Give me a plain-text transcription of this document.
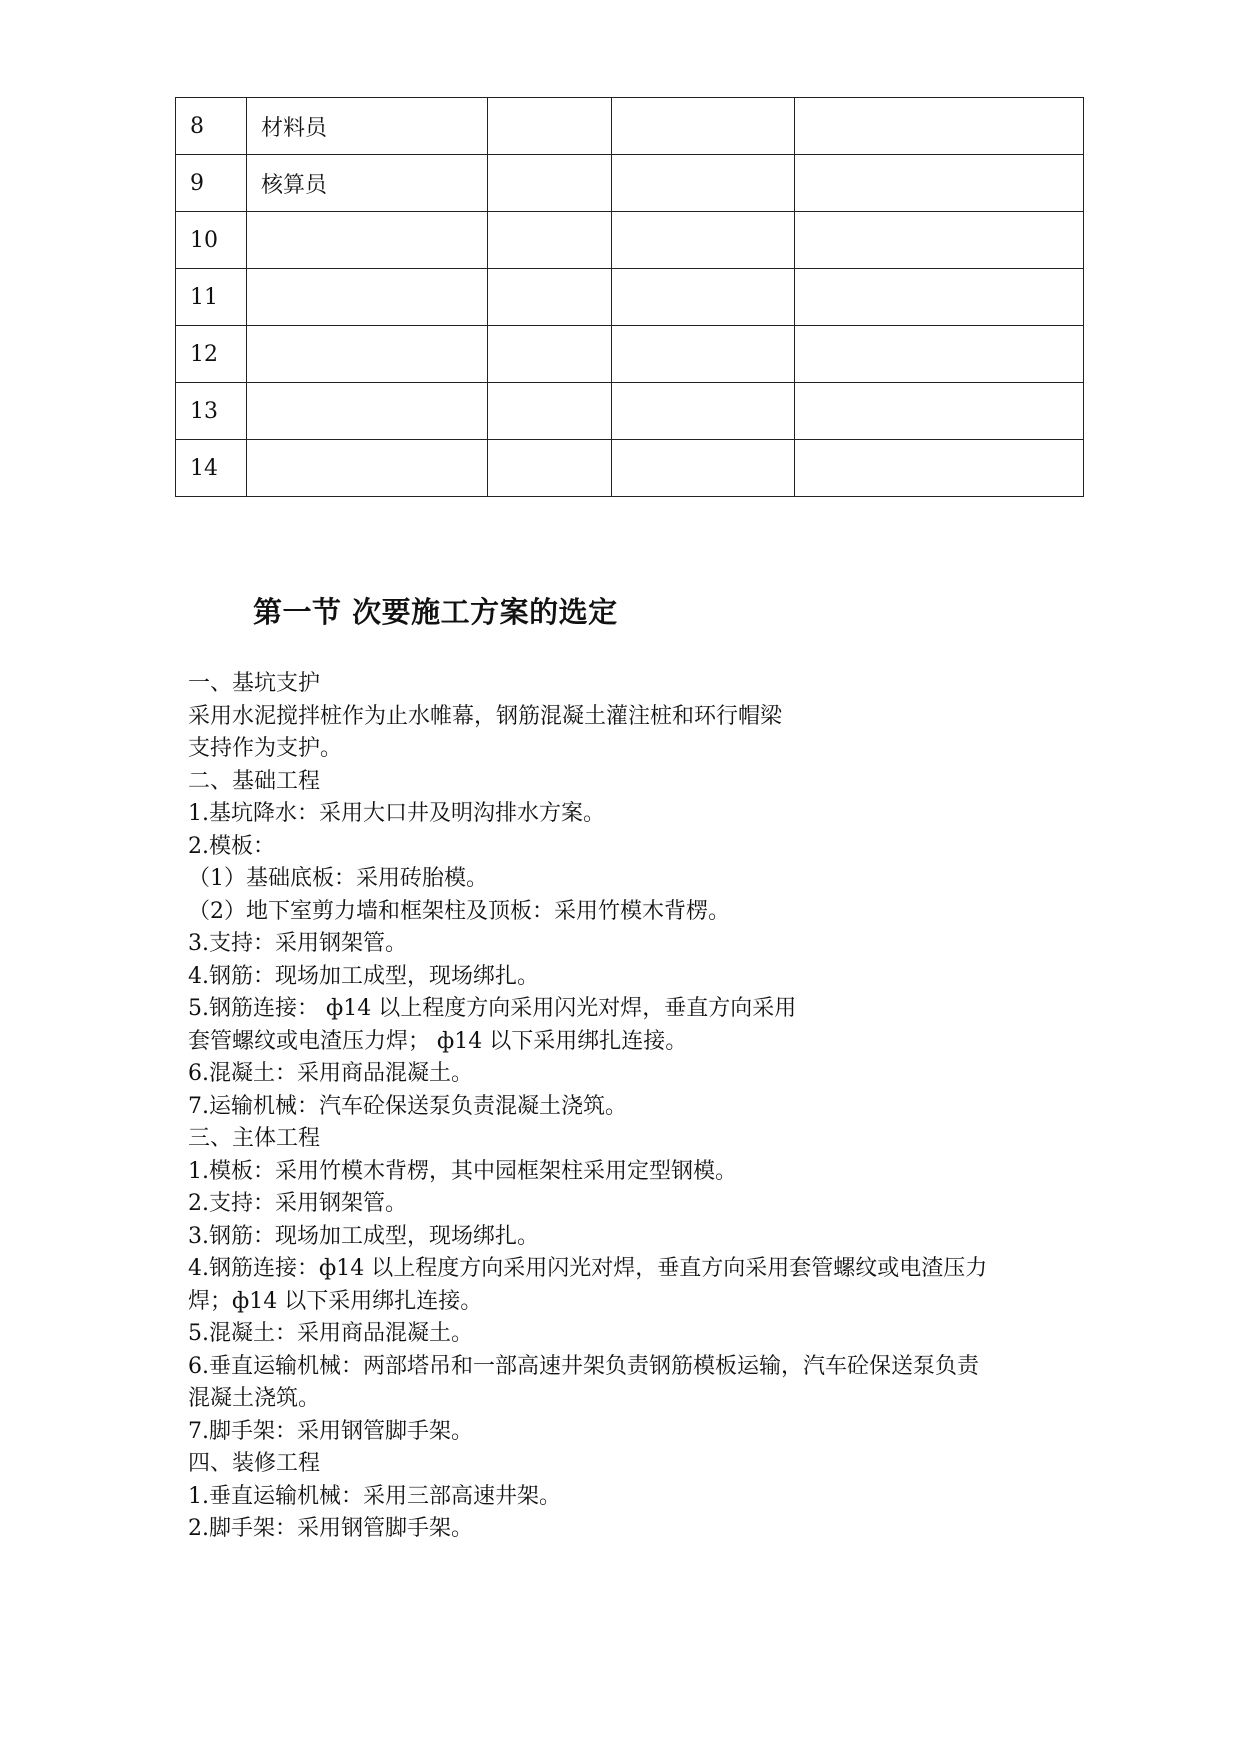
8	材料员			
9	核算员			
10				
11				
12				
13				
14				
第一节 次要施工方案的选定

一、基坑支护

采用水泥搅拌桩作为止水帷幕，钢筋混凝土灌注桩和环行帽梁

支持作为支护。

二、基础工程

1.基坑降水：采用大口井及明沟排水方案。

2.模板：

（1）基础底板：采用砖胎模。

（2）地下室剪力墙和框架柱及顶板：采用竹模木背楞。

3.支持：采用钢架管。

4.钢筋：现场加工成型，现场绑扎。

5.钢筋连接： ф14 以上程度方向采用闪光对焊，垂直方向采用

套管螺纹或电渣压力焊； ф14 以下采用绑扎连接。

6.混凝土：采用商品混凝土。

7.运输机械：汽车砼保送泵负责混凝土浇筑。

三、主体工程

1.模板：采用竹模木背楞，其中园框架柱采用定型钢模。

2.支持：采用钢架管。

3.钢筋：现场加工成型，现场绑扎。

4.钢筋连接：ф14 以上程度方向采用闪光对焊，垂直方向采用套管螺纹或电渣压力

焊；ф14 以下采用绑扎连接。

5.混凝土：采用商品混凝土。

6.垂直运输机械：两部塔吊和一部高速井架负责钢筋模板运输，汽车砼保送泵负责

混凝土浇筑。

7.脚手架：采用钢管脚手架。

四、装修工程

1.垂直运输机械：采用三部高速井架。

2.脚手架：采用钢管脚手架。
